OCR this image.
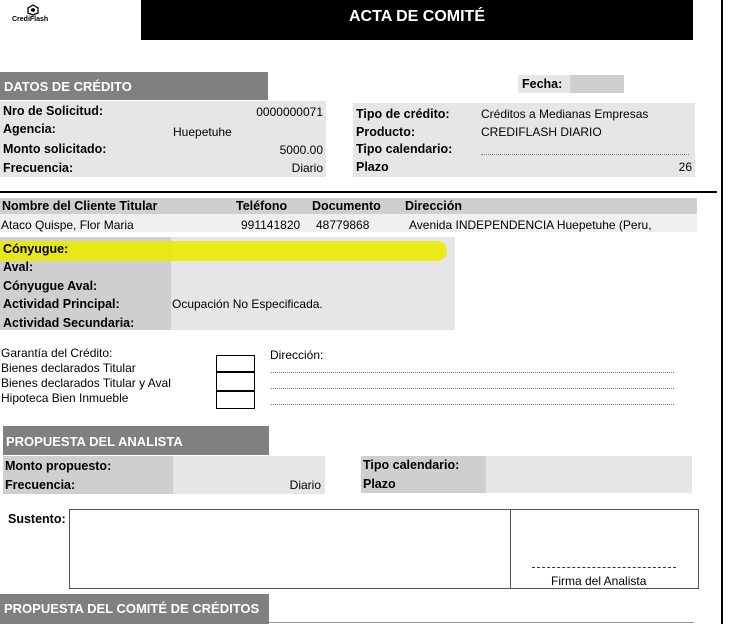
CrediFlash	ACTA DE COMITÉ
DATOS DE CRÉDITO	Fecha:
Nro de Solicitud:	0000000071
Agencia:	Huepetuhe
Monto solicitado:	5000.00
Frecuencia:	Diario
Tipo de crédito:	Créditos a Medianas Empresas
Producto:	CREDIFLASH DIARIO
Tipo calendario:
Plazo	26
Nombre del Cliente Titular	Teléfono Documento Dirección
Ataco Quispe, Flor Maria	991141820 48779868	Avenida INDEPENDENCIA Huepetuhe (Peru,
Cónyugue:
Aval:
Cónyugue Aval:
Actividad Principal:	Ocupación No Especificada.
Actividad Secundaria:
Garantía del Crédito:
Bienes declarados Titular
Bienes declarados Titular y Aval
Hipoteca Bien Inmueble
Dirección:
PROPUESTA DEL ANALISTA
Monto propuesto:
Frecuencia:	Diario
Tipo calendario:
Plazo
Sustento:
Firma del Analista
PROPUESTA DEL COMITÉ DE CRÉDITOS
